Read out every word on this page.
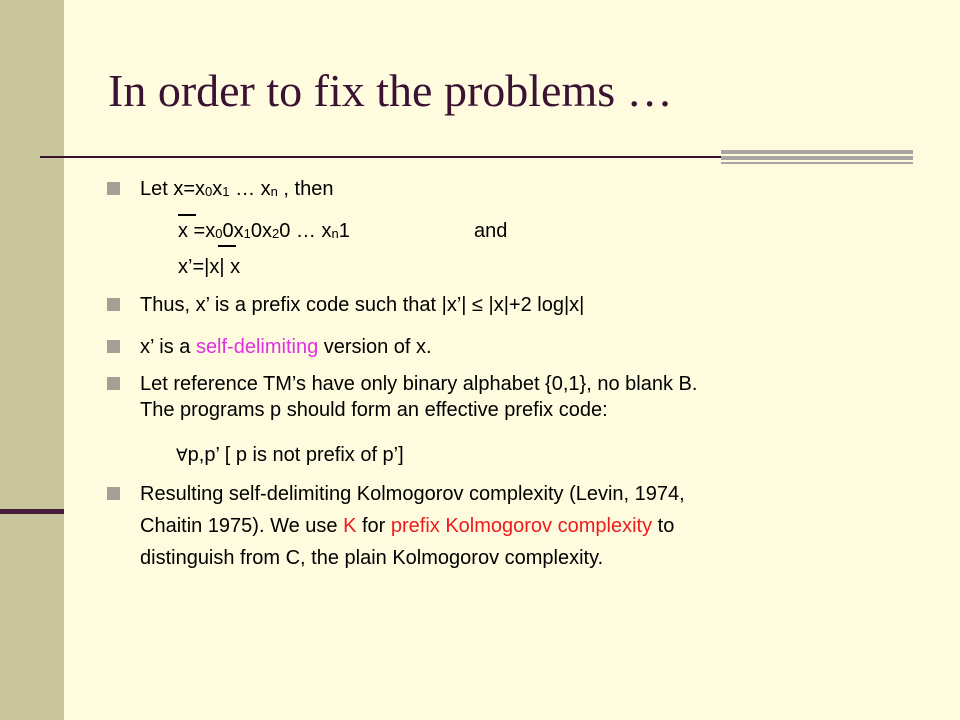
In order to fix the problems …
Let $x=x_0x_1$ … $x_n$ , then
$x =x_00x_10x_20$ … $x_n1$	and
x’=|x| x
Thus, x’ is a prefix code such that |x’| ≤ |x|+2 log|x|
x’ is a self-delimiting version of x.
Let reference TM’s have only binary alphabet {0,1}, no blank B.
The programs p should form an effective prefix code:
∀p,p’ [ p is not prefix of p’]
Resulting self-delimiting Kolmogorov complexity (Levin, 1974,
Chaitin 1975). We use K for prefix Kolmogorov complexity to
distinguish from C, the plain Kolmogorov complexity.
